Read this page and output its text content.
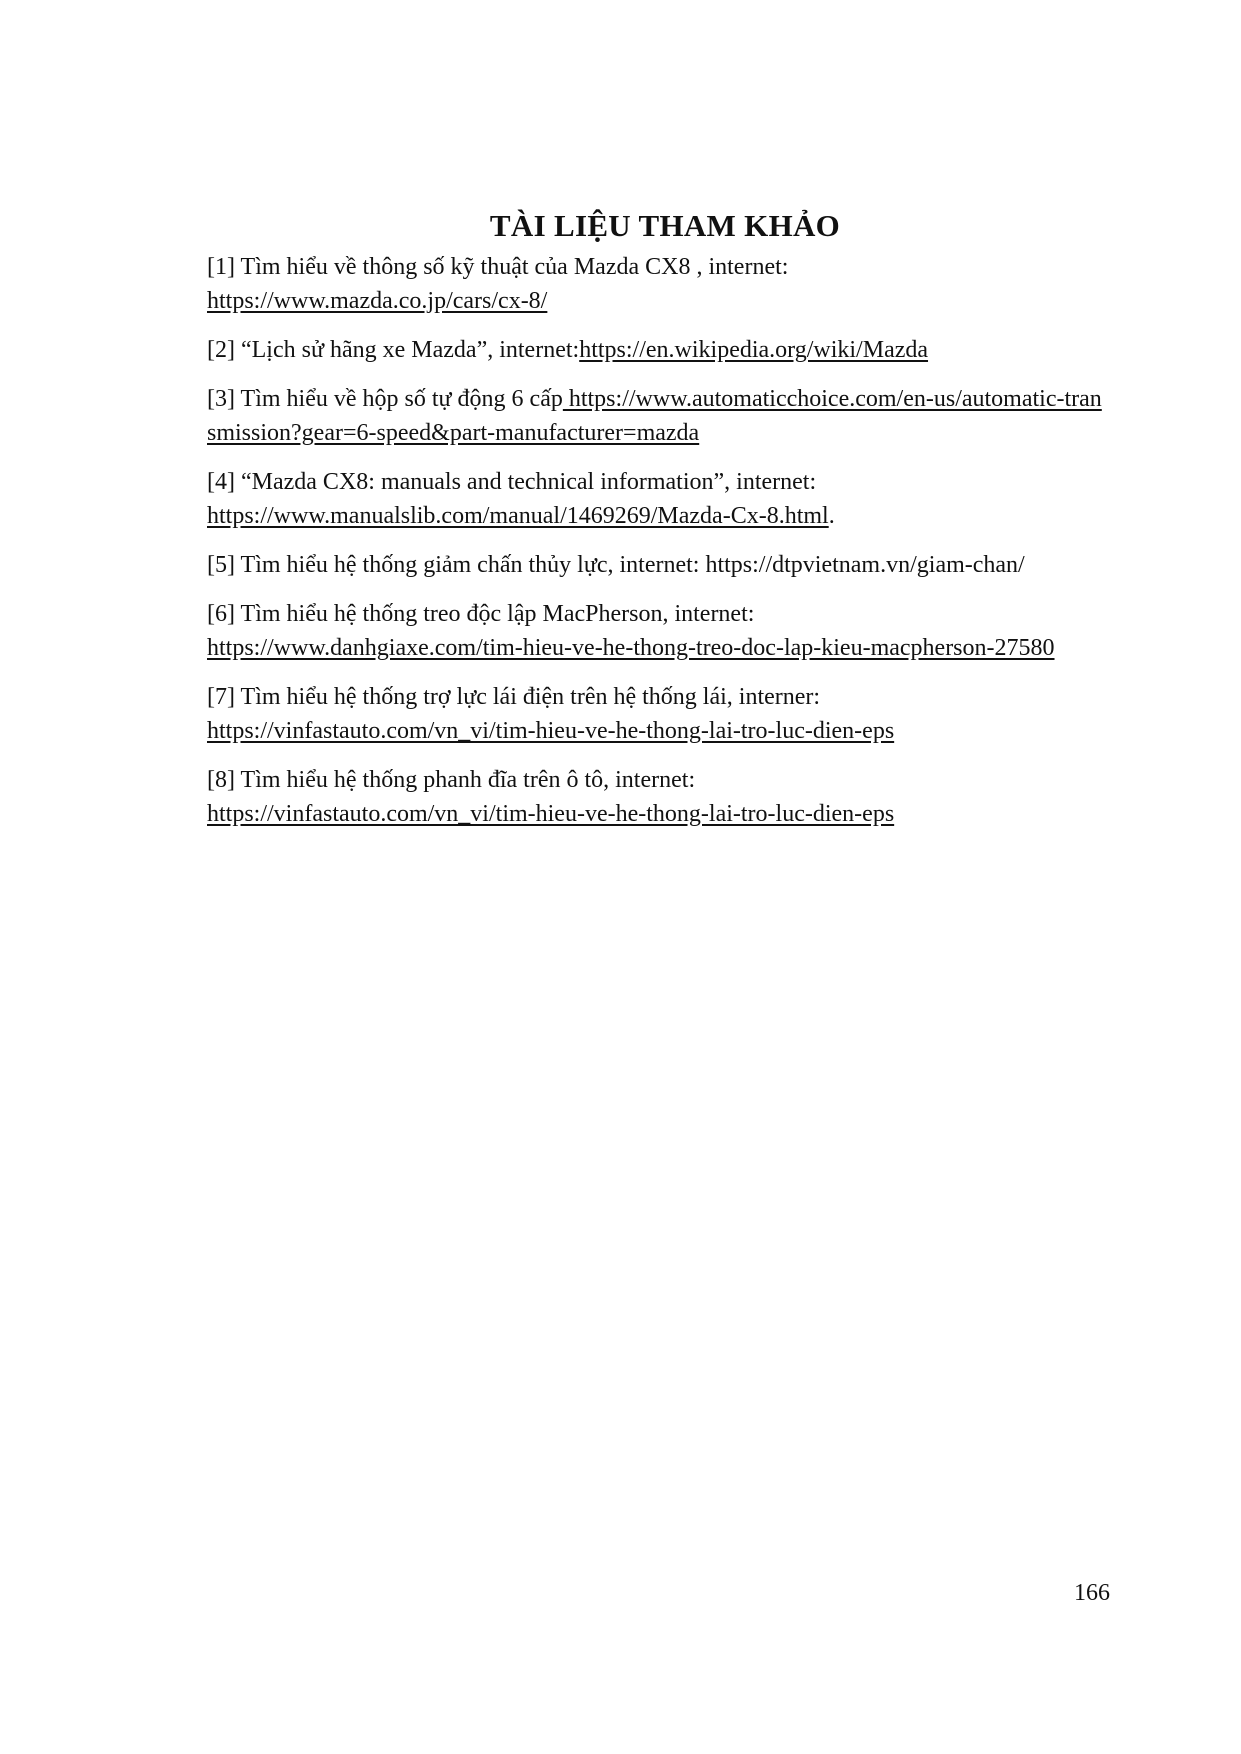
TÀI LIỆU THAM KHẢO
[1] Tìm hiểu về thông số kỹ thuật của Mazda CX8 , internet:
https://www.mazda.co.jp/cars/cx-8/
[2] “Lịch sử hãng xe Mazda”, internet:https://en.wikipedia.org/wiki/Mazda
[3] Tìm hiểu về hộp số tự động 6 cấp https://www.automaticchoice.com/en-us/automatic-transmission?gear=6-speed&part-manufacturer=mazda
[4] “Mazda CX8: manuals and technical information”, internet:
https://www.manualslib.com/manual/1469269/Mazda-Cx-8.html.
[5] Tìm hiểu hệ thống giảm chấn thủy lực, internet: https://dtpvietnam.vn/giam-chan/
[6] Tìm hiểu hệ thống treo độc lập MacPherson, internet:
https://www.danhgiaxe.com/tim-hieu-ve-he-thong-treo-doc-lap-kieu-macpherson-27580
[7] Tìm hiểu hệ thống trợ lực lái điện trên hệ thống lái, interner:
https://vinfastauto.com/vn_vi/tim-hieu-ve-he-thong-lai-tro-luc-dien-eps
[8] Tìm hiểu hệ thống phanh đĩa trên ô tô, internet:
https://vinfastauto.com/vn_vi/tim-hieu-ve-he-thong-lai-tro-luc-dien-eps
166
